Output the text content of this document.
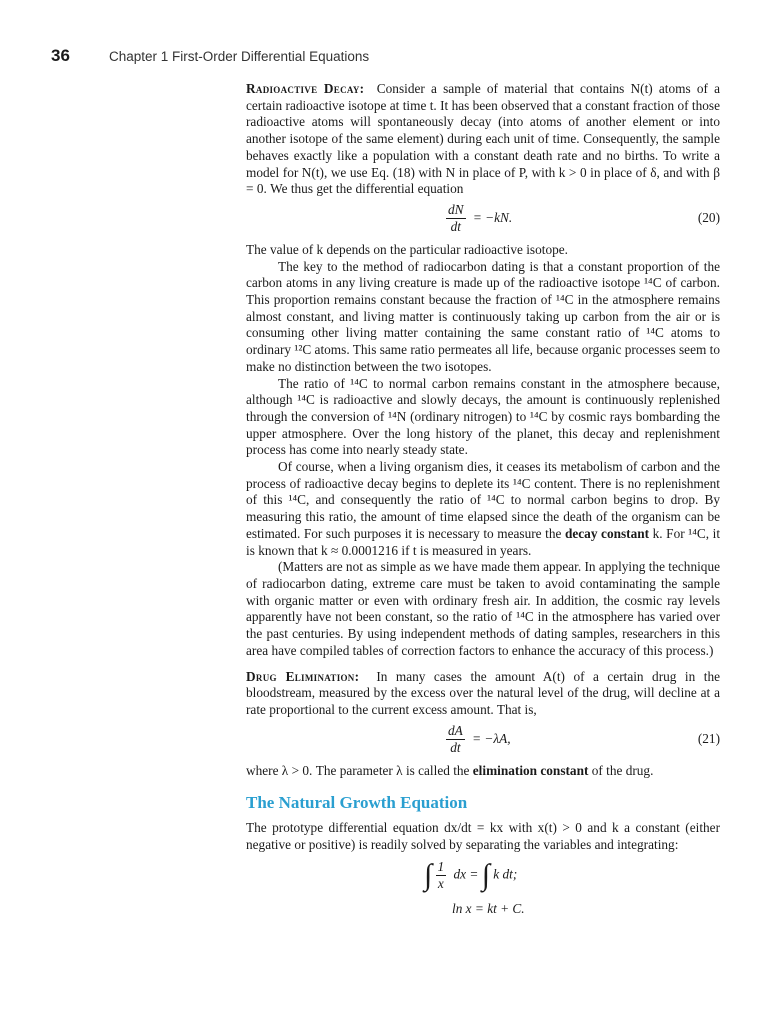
36	Chapter 1 First-Order Differential Equations

Radioactive Decay: Consider a sample of material that contains N(t) atoms of a certain radioactive isotope at time t. It has been observed that a constant fraction of those radioactive atoms will spontaneously decay (into atoms of another element or into another isotope of the same element) during each unit of time. Consequently, the sample behaves exactly like a population with a constant death rate and no births. To write a model for N(t), we use Eq. (18) with N in place of P, with k > 0 in place of δ, and with β = 0. We thus get the differential equation

$\frac{dN}{dt} = -kN$.	(20)

The value of k depends on the particular radioactive isotope.

The key to the method of radiocarbon dating is that a constant proportion of the carbon atoms in any living creature is made up of the radioactive isotope ¹⁴C of carbon. This proportion remains constant because the fraction of ¹⁴C in the atmosphere remains almost constant, and living matter is continuously taking up carbon from the air or is consuming other living matter containing the same constant ratio of ¹⁴C atoms to ordinary ¹²C atoms. This same ratio permeates all life, because organic processes seem to make no distinction between the two isotopes.

The ratio of ¹⁴C to normal carbon remains constant in the atmosphere because, although ¹⁴C is radioactive and slowly decays, the amount is continuously replenished through the conversion of ¹⁴N (ordinary nitrogen) to ¹⁴C by cosmic rays bombarding the upper atmosphere. Over the long history of the planet, this decay and replenishment process has come into nearly steady state.

Of course, when a living organism dies, it ceases its metabolism of carbon and the process of radioactive decay begins to deplete its ¹⁴C content. There is no replenishment of this ¹⁴C, and consequently the ratio of ¹⁴C to normal carbon begins to drop. By measuring this ratio, the amount of time elapsed since the death of the organism can be estimated. For such purposes it is necessary to measure the decay constant k. For ¹⁴C, it is known that k ≈ 0.0001216 if t is measured in years.

(Matters are not as simple as we have made them appear. In applying the technique of radiocarbon dating, extreme care must be taken to avoid contaminating the sample with organic matter or even with ordinary fresh air. In addition, the cosmic ray levels apparently have not been constant, so the ratio of ¹⁴C in the atmosphere has varied over the past centuries. By using independent methods of dating samples, researchers in this area have compiled tables of correction factors to enhance the accuracy of this process.)

Drug Elimination: In many cases the amount A(t) of a certain drug in the bloodstream, measured by the excess over the natural level of the drug, will decline at a rate proportional to the current excess amount. That is,

$\frac{dA}{dt} = -\lambda A$,	(21)

where λ > 0. The parameter λ is called the elimination constant of the drug.

The Natural Growth Equation

The prototype differential equation dx/dt = kx with x(t) > 0 and k a constant (either negative or positive) is readily solved by separating the variables and integrating:

∫ $\frac{1}{x}$ dx = ∫ k dt;
ln x = kt + C.
